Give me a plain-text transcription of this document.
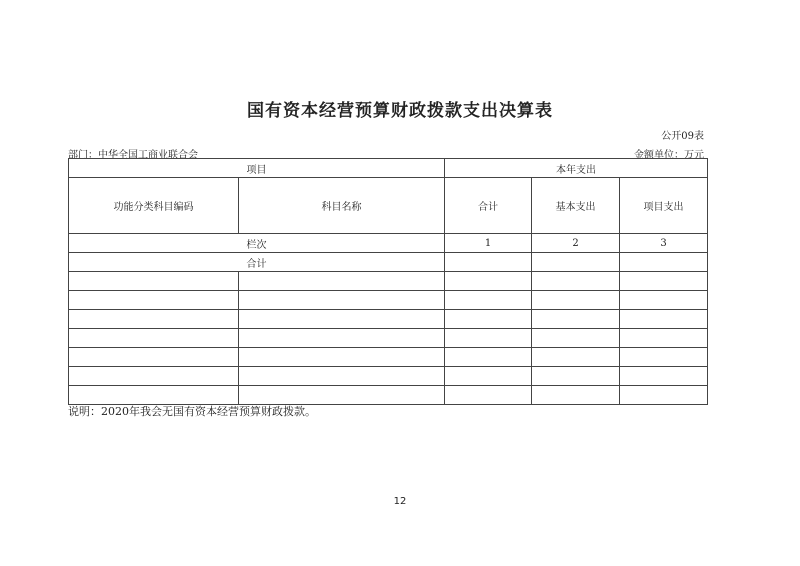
国有资本经营预算财政拨款支出决算表
公开09表
部门：中华全国工商业联合会	金额单位：万元
项目		本年支出		
功能分类科目编码	科目名称	合计	基本支出	项目支出
栏次		1	2	3
合计				

说明：2020年我会无国有资本经营预算财政拨款。
12
